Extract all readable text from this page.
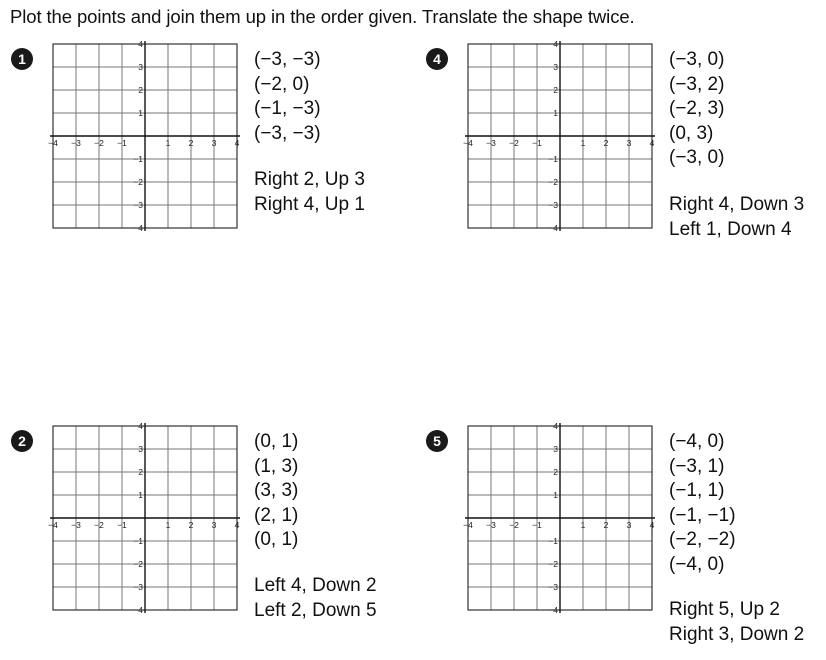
Plot the points and join them up in the order given. Translate the shape twice.
1
−4 −3 −2 −1	1 2 3 4
4
3
2
1
−1
−2
−3
−4
(−3, −3)
(−2, 0)
(−1, −3)
(−3, −3)
Right 2, Up 3
Right 4, Up 1
4
−4 −3 −2 −1	1 2 3 4
4
3
2
1
−1
−2
−3
−4
(−3, 0)
(−3, 2)
(−2, 3)
(0, 3)
(−3, 0)
Right 4, Down 3
Left 1, Down 4
2
−4 −3 −2 −1	1 2 3 4
4
3
2
1
−1
−2
−3
−4
(0, 1)
(1, 3)
(3, 3)
(2, 1)
(0, 1)
Left 4, Down 2
Left 2, Down 5
5
−4 −3 −2 −1	1 2 3 4
4
3
2
1
−1
−2
−3
−4
(−4, 0)
(−3, 1)
(−1, 1)
(−1, −1)
(−2, −2)
(−4, 0)
Right 5, Up 2
Right 3, Down 2
